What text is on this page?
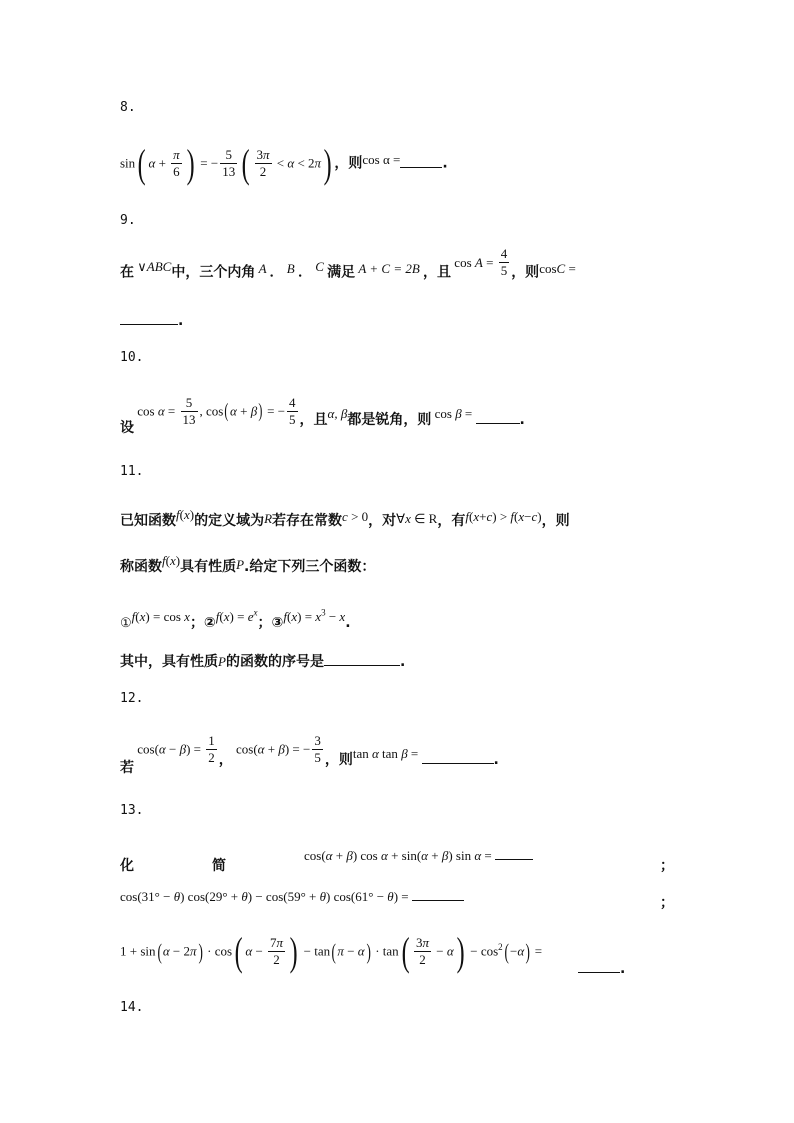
8.
sin( $\alpha + \frac{\pi}{6}$ ) = − $\frac{5}{13}$ ( $\frac{3\pi}{2} < \alpha < 2\pi$) ，则cos α =	.
9.
在 ∨ABC中，三个内角 A ． B ． C 满足 A + C = 2B ，且 $\cos A = \frac{4}{5}$ ，则cosC =
.
10.
设 $\cos \alpha = \frac{5}{13}$ , cos(α + β) = − $\frac{4}{5}$ ，且α, β都是锐角，则 cos β =	.
11.
已知函数f(x)的定义域为R若存在常数c > 0，对∀x ∈ R，有f(x+c) > f(x−c)，则
称函数f(x)具有性质P.给定下列三个函数：
①f(x) = cos x；②f(x) = $e^x$；③f(x) = $x^3 - x$.
其中，具有性质P的函数的序号是	.
12.
若 $\cos(\alpha - \beta) = \frac{1}{2}$ ， cos(α + β) = − $\frac{3}{5}$ ，则tan α tan β =	.
13.
化	简
cos(α + β) cos α + sin(α + β) sin α =
；
cos(31° − θ) cos(29° + θ) − cos(59° + θ) cos(61° − θ) =	；
1 + sin(α − 2π) · cos( $\alpha - \frac{7\pi}{2}$ ) − $\tan(\pi - \alpha) \cdot \tan( \frac{3\pi}{2} - \alpha) - \cos^2(-\alpha)$ =
.
14.
